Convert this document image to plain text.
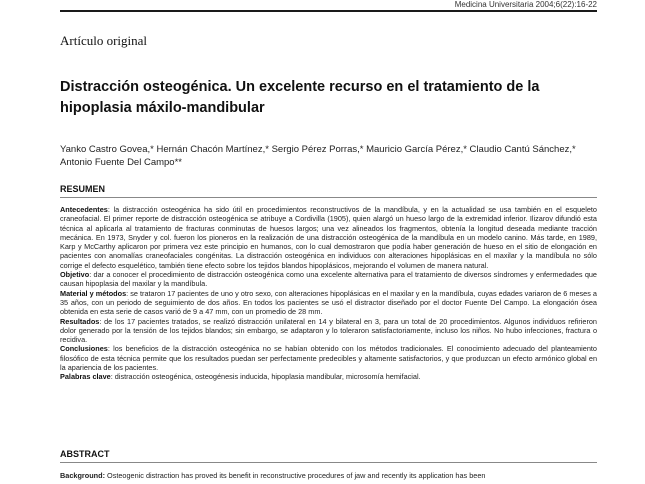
Medicina Universitaria 2004;6(22):16-22
Artículo original
Distracción osteogénica. Un excelente recurso en el tratamiento de la hipoplasia máxilo-mandibular
Yanko Castro Govea,* Hernán Chacón Martínez,* Sergio Pérez Porras,* Mauricio García Pérez,* Claudio Cantú Sánchez,* Antonio Fuente Del Campo**
RESUMEN

Antecedentes: la distracción osteogénica ha sido útil en procedimientos reconstructivos de la mandíbula, y en la actualidad se usa también en el esqueleto craneofacial. El primer reporte de distracción osteogénica se atribuye a Cordivilla (1905), quien alargó un hueso largo de la extremidad inferior. Ilizarov difundió esta técnica al aplicarla al tratamiento de fracturas conminutas de huesos largos; una vez alineados los fragmentos, obtenía la longitud deseada mediante tracción mecánica. En 1973, Snyder y col. fueron los pioneros en la realización de una distracción osteogénica de la mandíbula en un modelo canino. Más tarde, en 1989, Karp y McCarthy aplicaron por primera vez este principio en humanos, con lo cual demostraron que podía haber generación de hueso en el sitio de elongación en pacientes con anomalías craneofaciales congénitas. La distracción osteogénica en individuos con alteraciones hipoplásicas en el maxilar y la mandíbula no sólo corrige el defecto esquelético, también tiene efecto sobre los tejidos blandos hipoplásicos, mejorando el volumen de manera natural.

Objetivo: dar a conocer el procedimiento de distracción osteogénica como una excelente alternativa para el tratamiento de diversos síndromes y enfermedades que causan hipoplasia del maxilar y la mandíbula.

Material y métodos: se trataron 17 pacientes de uno y otro sexo, con alteraciones hipoplásicas en el maxilar y en la mandíbula, cuyas edades variaron de 6 meses a 35 años, con un periodo de seguimiento de dos años. En todos los pacientes se usó el distractor diseñado por el doctor Fuente Del Campo. La elongación ósea obtenida en esta serie de casos varió de 9 a 47 mm, con un promedio de 28 mm.

Resultados: de los 17 pacientes tratados, se realizó distracción unilateral en 14 y bilateral en 3, para un total de 20 procedimientos. Algunos individuos refirieron dolor generado por la tensión de los tejidos blandos; sin embargo, se adaptaron y lo toleraron satisfactoriamente, incluso los niños. No hubo infecciones, fractura o recidiva.

Conclusiones: los beneficios de la distracción osteogénica no se habían obtenido con los métodos tradicionales. El conocimiento adecuado del planteamiento filosófico de esta técnica permite que los resultados puedan ser perfectamente predecibles y altamente satisfactorios, y que produzcan un efecto armónico global en la apariencia de los pacientes.

Palabras clave: distracción osteogénica, osteogénesis inducida, hipoplasia mandibular, microsomía hemifacial.

ABSTRACT
Background: Osteogenic distraction has proved its benefit in reconstructive procedures of jaw and recently its application has been
